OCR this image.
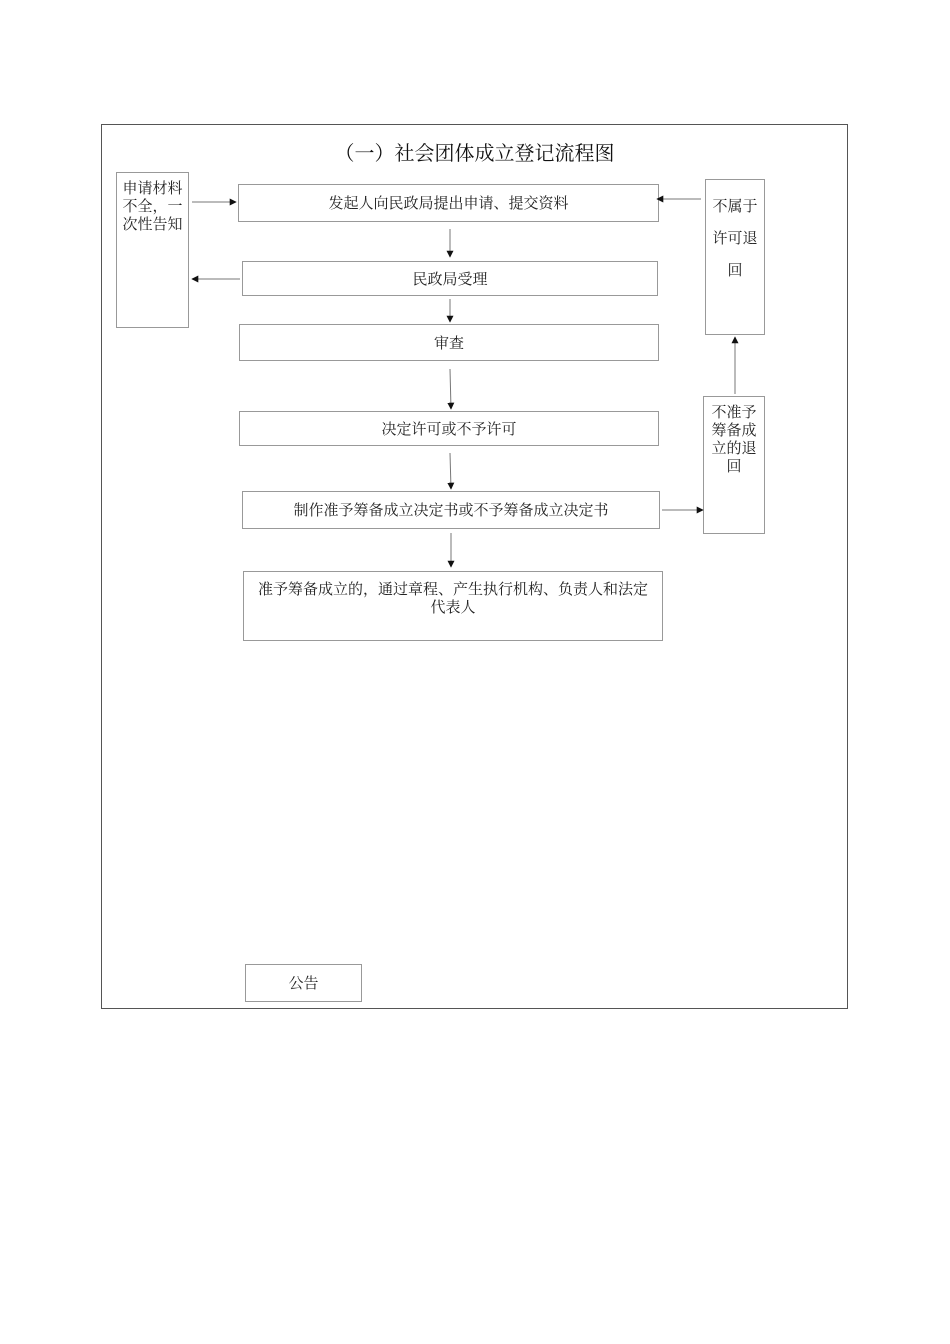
（一）社会团体成立登记流程图
发起人向民政局提出申请、提交资料
民政局受理
审查
决定许可或不予许可
制作准予筹备成立决定书或不予筹备成立决定书
准予筹备成立的，通过章程、产生执行机构、负责人和法定代表人
公告
申请材料不全，一次性告知
不属于许可退回
不准予筹备成立的退回
